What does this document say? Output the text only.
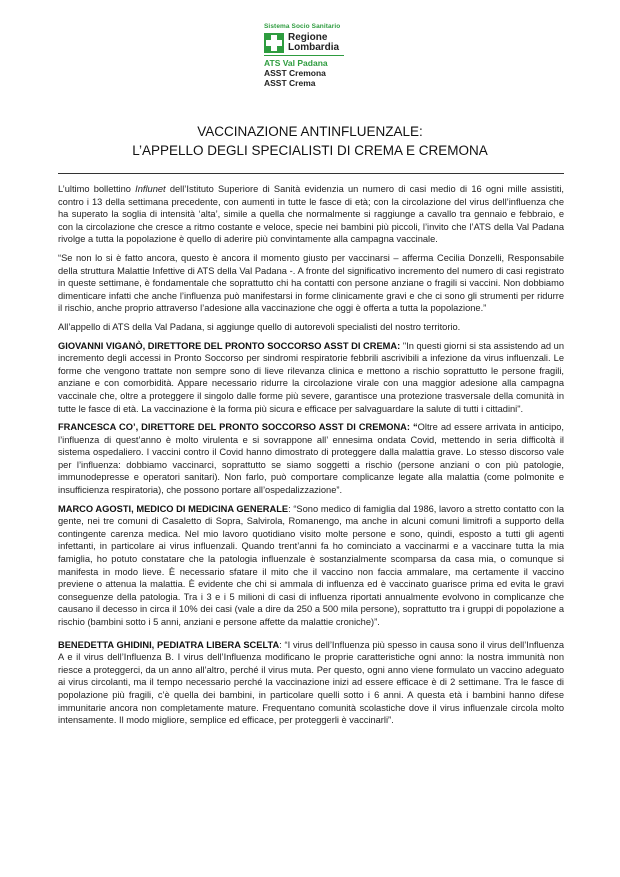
Sistema Socio Sanitario
Regione
Lombardia
ATS Val Padana
ASST Cremona
ASST Crema
VACCINAZIONE ANTINFLUENZALE:
L’APPELLO DEGLI SPECIALISTI DI CREMA E CREMONA

L’ultimo bollettino Influnet dell’Istituto Superiore di Sanità evidenzia un numero di casi medio di 16 ogni mille assistiti, contro i 13 della settimana precedente, con aumenti in tutte le fasce di età; con la circolazione del virus dell’influenza che ha superato la soglia di intensità ‘alta’, simile a quella che normalmente si raggiunge a cavallo tra gennaio e febbraio, e con la circolazione che cresce a ritmo costante e veloce, specie nei bambini più piccoli, l’invito che l’ATS della Val Padana rivolge a tutta la popolazione è quello di aderire più convintamente alla campagna vaccinale.

“Se non lo si è fatto ancora, questo è ancora il momento giusto per vaccinarsi – afferma Cecilia Donzelli, Responsabile della struttura Malattie Infettive di ATS della Val Padana -. A fronte del significativo incremento del numero di casi registrato in queste settimane, è fondamentale che soprattutto chi ha contatti con persone anziane o fragili si vaccini. Non dobbiamo dimenticare infatti che anche l’influenza può manifestarsi in forme clinicamente gravi e che ci sono gli strumenti per ridurre il rischio, anche proprio attraverso l’adesione alla vaccinazione che oggi è offerta a tutta la popolazione.”

All’appello di ATS della Val Padana, si aggiunge quello di autorevoli specialisti del nostro territorio.

GIOVANNI VIGANÒ, DIRETTORE DEL PRONTO SOCCORSO ASST DI CREMA: "In questi giorni si sta assistendo ad un incremento degli accessi in Pronto Soccorso per sindromi respiratorie febbrili ascrivibili a infezione da virus influenzali. Le forme che vengono trattate non sempre sono di lieve rilevanza clinica e mettono a rischio soprattutto le persone fragili, anziane e con comorbidità. Appare necessario ridurre la circolazione virale con una maggior adesione alla campagna vaccinale che, oltre a proteggere il singolo dalle forme più severe, garantisce una protezione trasversale della comunità in tutte le fasce di età. La vaccinazione è la forma più sicura e efficace per salvaguardare la salute di tutti i cittadini".

FRANCESCA CO’, DIRETTORE DEL PRONTO SOCCORSO ASST DI CREMONA: “Oltre ad essere arrivata in anticipo, l’influenza di quest’anno è molto virulenta e si sovrappone all’ ennesima ondata Covid, mettendo in seria difficoltà il sistema ospedaliero. I vaccini contro il Covid hanno dimostrato di proteggere dalla malattia grave. Lo stesso discorso vale per l’influenza: dobbiamo vaccinarci, soprattutto se siamo soggetti a rischio (persone anziani o con più patologie, immunodepresse e operatori sanitari). Non farlo, può comportare complicanze legate alla malattia (come polmonite e insufficienza respiratoria), che possono portare all’ospedalizzazione”.

MARCO AGOSTI, MEDICO DI MEDICINA GENERALE: “Sono medico di famiglia dal 1986, lavoro a stretto contatto con la gente, nei tre comuni di Casaletto di Sopra, Salvirola, Romanengo, ma anche in alcuni comuni limitrofi a supporto della contingente carenza medica. Nel mio lavoro quotidiano visito molte persone e sono, quindi, esposto a tutti gli agenti infettanti, in particolare ai virus influenzali. Quando trent’anni fa ho cominciato a vaccinarmi e a vaccinare tutta la mia famiglia, ho potuto constatare che la patologia influenzale è sostanzialmente scomparsa da casa mia, o comunque si manifesta in modo lieve. È necessario sfatare il mito che il vaccino non faccia ammalare, ma certamente il vaccino previene o attenua la malattia. È evidente che chi si ammala di influenza ed è vaccinato guarisce prima ed evita le gravi conseguenze della patologia. Tra i 3 e i 5 milioni di casi di influenza riportati annualmente evolvono in complicanze che causano il decesso in circa il 10% dei casi (vale a dire da 250 a 500 mila persone), soprattutto tra i gruppi di popolazione a rischio (bambini sotto i 5 anni, anziani e persone affette da malattie croniche)”.

BENEDETTA GHIDINI, PEDIATRA LIBERA SCELTA: “I virus dell’Influenza più spesso in causa sono il virus dell’Influenza A e il virus dell’Influenza B. I virus dell’Influenza modificano le proprie caratteristiche ogni anno: la nostra immunità non riesce a proteggerci, da un anno all’altro, perché il virus muta. Per questo, ogni anno viene formulato un vaccino adeguato ai virus circolanti, ma il tempo necessario perché la vaccinazione inizi ad essere efficace è di 2 settimane. Tra le fasce di popolazione più fragili, c’è quella dei bambini, in particolare quelli sotto i 6 anni. A questa età i bambini hanno difese immunitarie ancora non completamente mature. Frequentano comunità scolastiche dove il virus influenzale circola molto intensamente. Il modo migliore, semplice ed efficace, per proteggerli è vaccinarli”.
